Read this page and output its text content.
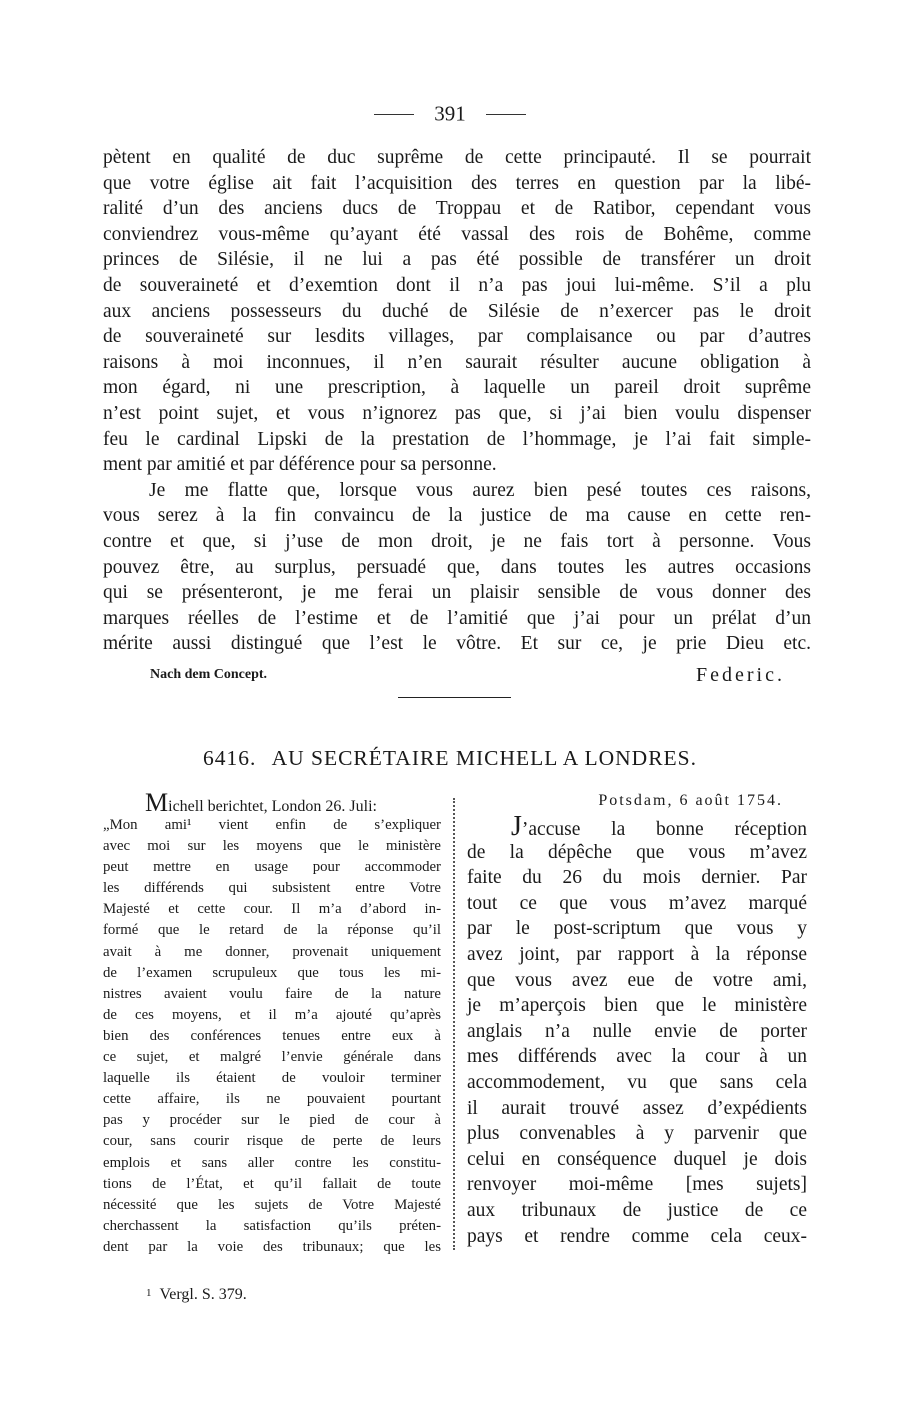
391
pètent en qualité de duc suprême de cette principauté. Il se pourrait
que votre église ait fait l’acquisition des terres en question par la libé-
ralité d’un des anciens ducs de Troppau et de Ratibor, cependant vous
conviendrez vous-même qu’ayant été vassal des rois de Bohême, comme
princes de Silésie, il ne lui a pas été possible de transférer un droit
de souveraineté et d’exemtion dont il n’a pas joui lui-même. S’il a plu
aux anciens possesseurs du duché de Silésie de n’exercer pas le droit
de souveraineté sur lesdits villages, par complaisance ou par d’autres
raisons à moi inconnues, il n’en saurait résulter aucune obligation à
mon égard, ni une prescription, à laquelle un pareil droit suprême
n’est point sujet, et vous n’ignorez pas que, si j’ai bien voulu dispenser
feu le cardinal Lipski de la prestation de l’hommage, je l’ai fait simple-
ment par amitié et par déférence pour sa personne.
Je me flatte que, lorsque vous aurez bien pesé toutes ces raisons,
vous serez à la fin convaincu de la justice de ma cause en cette ren-
contre et que, si j’use de mon droit, je ne fais tort à personne. Vous
pouvez être, au surplus, persuadé que, dans toutes les autres occasions
qui se présenteront, je me ferai un plaisir sensible de vous donner des
marques réelles de l’estime et de l’amitié que j’ai pour un prélat d’un
mérite aussi distingué que l’est le vôtre. Et sur ce, je prie Dieu etc.
Nach dem Concept.	Federic.
6416. AU SECRÉTAIRE MICHELL A LONDRES.
Michell berichtet, London 26. Juli:
„Mon ami¹ vient enfin de s’expliquer
avec moi sur les moyens que le ministère
peut mettre en usage pour accommoder
les différends qui subsistent entre Votre
Majesté et cette cour. Il m’a d’abord in-
formé que le retard de la réponse qu’il
avait à me donner, provenait uniquement
de l’examen scrupuleux que tous les mi-
nistres avaient voulu faire de la nature
de ces moyens, et il m’a ajouté qu’après
bien des conférences tenues entre eux à
ce sujet, et malgré l’envie générale dans
laquelle ils étaient de vouloir terminer
cette affaire, ils ne pouvaient pourtant
pas y procéder sur le pied de cour à
cour, sans courir risque de perte de leurs
emplois et sans aller contre les constitu-
tions de l’État, et qu’il fallait de toute
nécessité que les sujets de Votre Majesté
cherchassent la satisfaction qu’ils préten-
dent par la voie des tribunaux; que les
Potsdam, 6 août 1754.
J’accuse la bonne réception
de la dépêche que vous m’avez
faite du 26 du mois dernier. Par
tout ce que vous m’avez marqué
par le post-scriptum que vous y
avez joint, par rapport à la réponse
que vous avez eue de votre ami,
je m’aperçois bien que le ministère
anglais n’a nulle envie de porter
mes différends avec la cour à un
accommodement, vu que sans cela
il aurait trouvé assez d’expédients
plus convenables à y parvenir que
celui en conséquence duquel je dois
renvoyer moi-même [mes sujets]
aux tribunaux de justice de ce
pays et rendre comme cela ceux-
1 Vergl. S. 379.
